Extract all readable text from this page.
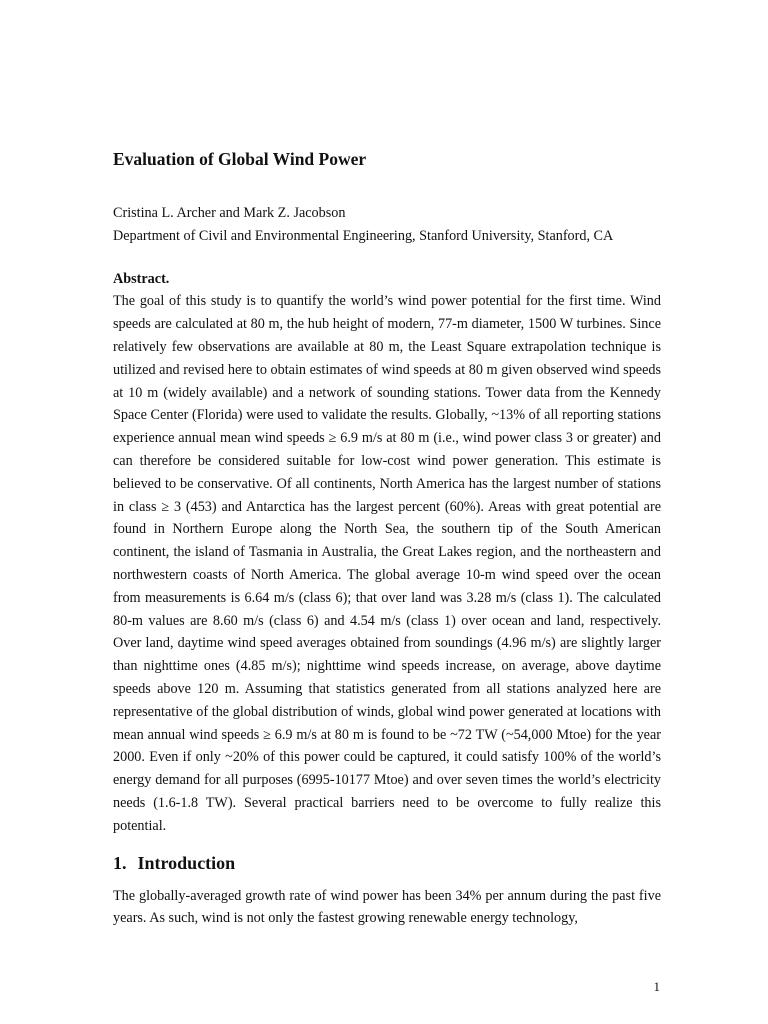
Evaluation of Global Wind Power
Cristina L. Archer and Mark Z. Jacobson
Department of Civil and Environmental Engineering, Stanford University, Stanford, CA
Abstract.

The goal of this study is to quantify the world’s wind power potential for the first time. Wind speeds are calculated at 80 m, the hub height of modern, 77-m diameter, 1500 W turbines. Since relatively few observations are available at 80 m, the Least Square extrapolation technique is utilized and revised here to obtain estimates of wind speeds at 80 m given observed wind speeds at 10 m (widely available) and a network of sounding stations. Tower data from the Kennedy Space Center (Florida) were used to validate the results. Globally, ~13% of all reporting stations experience annual mean wind speeds ≥ 6.9 m/s at 80 m (i.e., wind power class 3 or greater) and can therefore be considered suitable for low-cost wind power generation. This estimate is believed to be conservative. Of all continents, North America has the largest number of stations in class ≥ 3 (453) and Antarctica has the largest percent (60%). Areas with great potential are found in Northern Europe along the North Sea, the southern tip of the South American continent, the island of Tasmania in Australia, the Great Lakes region, and the northeastern and northwestern coasts of North America. The global average 10-m wind speed over the ocean from measurements is 6.64 m/s (class 6); that over land was 3.28 m/s (class 1). The calculated 80-m values are 8.60 m/s (class 6) and 4.54 m/s (class 1) over ocean and land, respectively. Over land, daytime wind speed averages obtained from soundings (4.96 m/s) are slightly larger than nighttime ones (4.85 m/s); nighttime wind speeds increase, on average, above daytime speeds above 120 m. Assuming that statistics generated from all stations analyzed here are representative of the global distribution of winds, global wind power generated at locations with mean annual wind speeds ≥ 6.9 m/s at 80 m is found to be ~72 TW (~54,000 Mtoe) for the year 2000. Even if only ~20% of this power could be captured, it could satisfy 100% of the world’s energy demand for all purposes (6995-10177 Mtoe) and over seven times the world’s electricity needs (1.6-1.8 TW). Several practical barriers need to be overcome to fully realize this potential.

1. Introduction
The globally-averaged growth rate of wind power has been 34% per annum during the past five years. As such, wind is not only the fastest growing renewable energy technology,
1
